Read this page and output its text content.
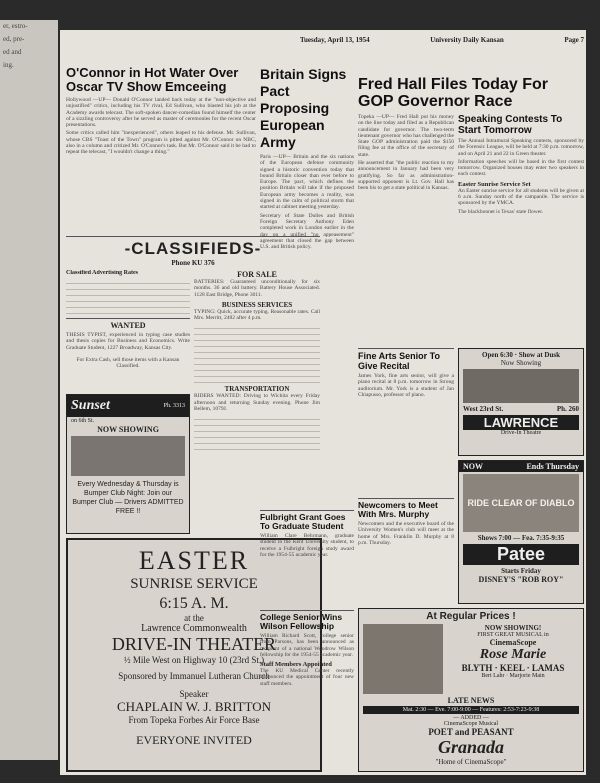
er, estro-
ed, pre-
ed and
ing.
Tuesday, April 13, 1954	University Daily Kansan	Page 7
O'Connor in Hot Water Over
Oscar TV Show Emceeing

Hollywood —UP— Donald O'Connor landed back today at the "non-objective and unjustified" critics, including his TV rival, Ed Sullivan, who blasted his job at the Academy awards telecast. The soft-spoken dancer-comedian found himself the center of a sizzling controversy after he served as master of ceremonies for the recent Oscar presentations.

Some critics called him "inexperienced", others leaped to his defense. Mr. Sullivan, whose CBS "Toast of the Town" program is pitted against Mr. O'Connor on NBC, also in a column and critized Mr. O'Connor's task. But Mr. O'Connor said it be had to repeat the telecast, "I wouldn't change a thing."

-CLASSIFIEDS-
Phone KU 376
Classified Advertising Rates
WANTED
THESIS TYPIST, experienced in typing case studies and thesis copies for Business and Economics. Write Graduate Student, 1227 Broadway, Kansas City.
For Extra Cash, sell those items with a Kansan Classified.
FOR SALE
BATTERIES: Guaranteed unconditionally for six months. 36 and old battery. Battery House Associated. 1128 East Bridge, Phone 3011.
BUSINESS SERVICES
TYPING: Quick, accurate typing. Reasonable rates. Call Mrs. Merritt, 2482 after 4 p.m.
TRANSPORTATION
RIDERS WANTED: Driving to Wichita every Friday afternoon and returning Sunday evening. Phone Jim Bellem, 1079J.
Sunset	Ph. 3313
on 6th St.
NOW SHOWING
Every Wednesday & Thursday is Bumper Club Night: Join our Bumper Club — Drivers ADMITTED FREE !!
EASTER
SUNRISE SERVICE
6:15 A. M.
at the
Lawrence Commonwealth
DRIVE-IN THEATER
½ Mile West on Highway 10 (23rd St.)
Sponsored by Immanuel Lutheran Church
Speaker
CHAPLAIN W. J. BRITTON
From Topeka Forbes Air Force Base
EVERYONE INVITED
Britain Signs Pact Proposing European Army

Paris —UP— Britain and the six nations of the European defense community signed a historic convention today that bound Britain closer than ever before to Europe. The pact, which defines the position Britain will take if the proposed European army becomes a reality, was signed in the calm of political storm that started at cabinet meeting yesterday.

Secretary of State Dulles and British Foreign Secretary Anthony Eden completed work in London earlier in the day on a unified "no appeasement" agreement that closed the gap between U.S. and British policy.

Fulbright Grant Goes To Graduate Student
William Clare Behrmann, graduate student in the Kent University student, to receive a Fulbright foreign study award for the 1954-55 academic year.
College Senior Wins Wilson Fellowship
William Richard Scott, college senior from Parsons, has been announced as recipient of a national Woodrow Wilson fellowship for the 1954-55 academic year.
Staff Members Appointed
The KU Medical Center recently announced the appointment of four new staff members.
Fred Hall Files Today For GOP Governor Race

Topeka —UP— Fred Hall put his money on the line today and filed as a Republican candidate for governor. The two-term lieutenant governor who has challenged the State GOP administration paid the $150 filing fee at the office of the secretary of state.

He asserted that "the public reaction to my announcement in January had been very gratifying. So far as administration-supported opponent is Lt. Gov. Hall has been his to get a state political in Kansas.

Fine Arts Senior To Give Recital
James York, fine arts senior, will give a piano recital at 8 p.m. tomorrow in Strong auditorium. Mr. York is a student of Jan Chiapusso, professor of piano.
Newcomers to Meet With Mrs. Murphy
Newcomers and the executive board of the University Women's club will meet at the home of Mrs. Franklin D. Murphy at 8 p.m. Thursday.
Speaking Contests To Start Tomorrow

The Annual Intramural Speaking contests, sponsored by the Forensic League, will be held at 7:30 p.m. tomorrow, and on April 21 and 22 in Green theater.

Information speeches will be based in the first contest tomorrow. Organized houses may enter two speakers in each contest.

Easter Sunrise Service Set

An Easter sunrise service for all students will be given at 6 a.m. Sunday north of the campanile. The service is sponsored by the YMCA.

The blackbonnet is Texas' state flower.

Open 6:30 · Show at Dusk
Now Showing
West 23rd St.	Ph. 260
LAWRENCE
Drive-In Theatre
NOW	Ends Thursday
RIDE CLEAR OF DIABLO
Shows 7:00 — Fea. 7:35-9:35
Patee
Starts Friday
DISNEY'S "ROB ROY"
At Regular Prices !
NOW SHOWING!
FIRST GREAT MUSICAL in
CinemaScope
Rose Marie
BLYTH · KEEL · LAMAS
Bert Lahr · Marjorie Main
LATE NEWS
Mat. 2:30 — Eve. 7:00-9:00 — Features: 2:53-7:23-9:38
— ADDED —
CinemaScope Musical
POET and PEASANT
Granada
"Home of CinemaScope"
